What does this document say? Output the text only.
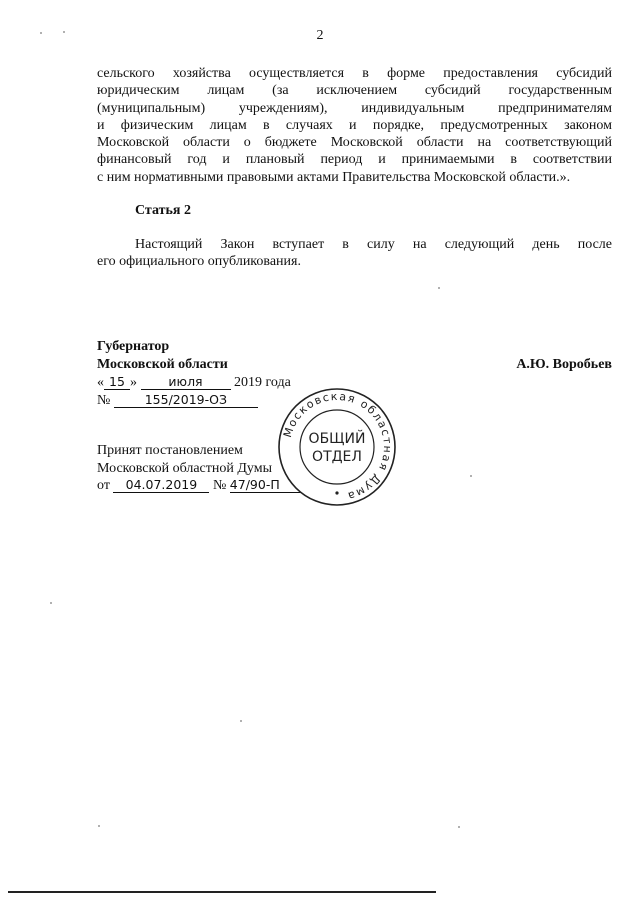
2
сельского хозяйства осуществляется в форме предоставления субсидий
юридическим лицам (за исключением субсидий государственным
(муниципальным) учреждениям), индивидуальным предпринимателям
и физическим лицам в случаях и порядке, предусмотренных законом
Московской области о бюджете Московской области на соответствующий
финансовый год и плановый период и принимаемыми в соответствии
с ним нормативными правовыми актами Правительства Московской области.».
Статья 2
Настоящий Закон вступает в силу на следующий день после
его официального опубликования.
Губернатор
Московской области	А.Ю. Воробьев
« 15 »	июля 2019 года
№	155/2019-ОЗ
Принят постановлением
Московской областной Думы
от 04.07.2019 № 47/90-П
Московская областная Дума
ОБЩИЙ
ОТДЕЛ
